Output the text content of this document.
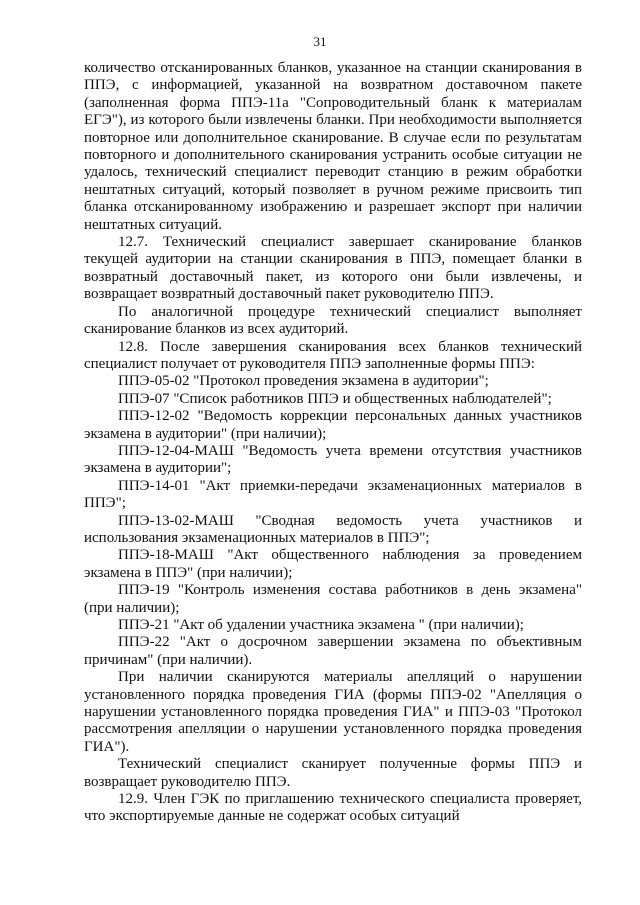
31

количество отсканированных бланков, указанное на станции сканирования в ППЭ, с информацией, указанной на возвратном доставочном пакете (заполненная форма ППЭ-11а "Сопроводительный бланк к материалам ЕГЭ"), из которого были извлечены бланки. При необходимости выполняется повторное или дополнительное сканирование. В случае если по результатам повторного и дополнительного сканирования устранить особые ситуации не удалось, технический специалист переводит станцию в режим обработки нештатных ситуаций, который позволяет в ручном режиме присвоить тип бланка отсканированному изображению и разрешает экспорт при наличии нештатных ситуаций.

12.7. Технический специалист завершает сканирование бланков текущей аудитории на станции сканирования в ППЭ, помещает бланки в возвратный доставочный пакет, из которого они были извлечены, и возвращает возвратный доставочный пакет руководителю ППЭ.

По аналогичной процедуре технический специалист выполняет сканирование бланков из всех аудиторий.

12.8. После завершения сканирования всех бланков технический специалист получает от руководителя ППЭ заполненные формы ППЭ:

ППЭ-05-02 "Протокол проведения экзамена в аудитории";

ППЭ-07 "Список работников ППЭ и общественных наблюдателей";

ППЭ-12-02 "Ведомость коррекции персональных данных участников экзамена в аудитории" (при наличии);

ППЭ-12-04-МАШ "Ведомость учета времени отсутствия участников экзамена в аудитории";

ППЭ-14-01 "Акт приемки-передачи экзаменационных материалов в ППЭ";

ППЭ-13-02-МАШ "Сводная ведомость учета участников и использования экзаменационных материалов в ППЭ";

ППЭ-18-МАШ "Акт общественного наблюдения за проведением экзамена в ППЭ" (при наличии);

ППЭ-19 "Контроль изменения состава работников в день экзамена" (при наличии);

ППЭ-21 "Акт об удалении участника экзамена " (при наличии);

ППЭ-22 "Акт о досрочном завершении экзамена по объективным причинам" (при наличии).

При наличии сканируются материалы апелляций о нарушении установленного порядка проведения ГИА (формы ППЭ-02 "Апелляция о нарушении установленного порядка проведения ГИА" и ППЭ-03 "Протокол рассмотрения апелляции о нарушении установленного порядка проведения ГИА").

Технический специалист сканирует полученные формы ППЭ и возвращает руководителю ППЭ.

12.9. Член ГЭК по приглашению технического специалиста проверяет, что экспортируемые данные не содержат особых ситуаций
